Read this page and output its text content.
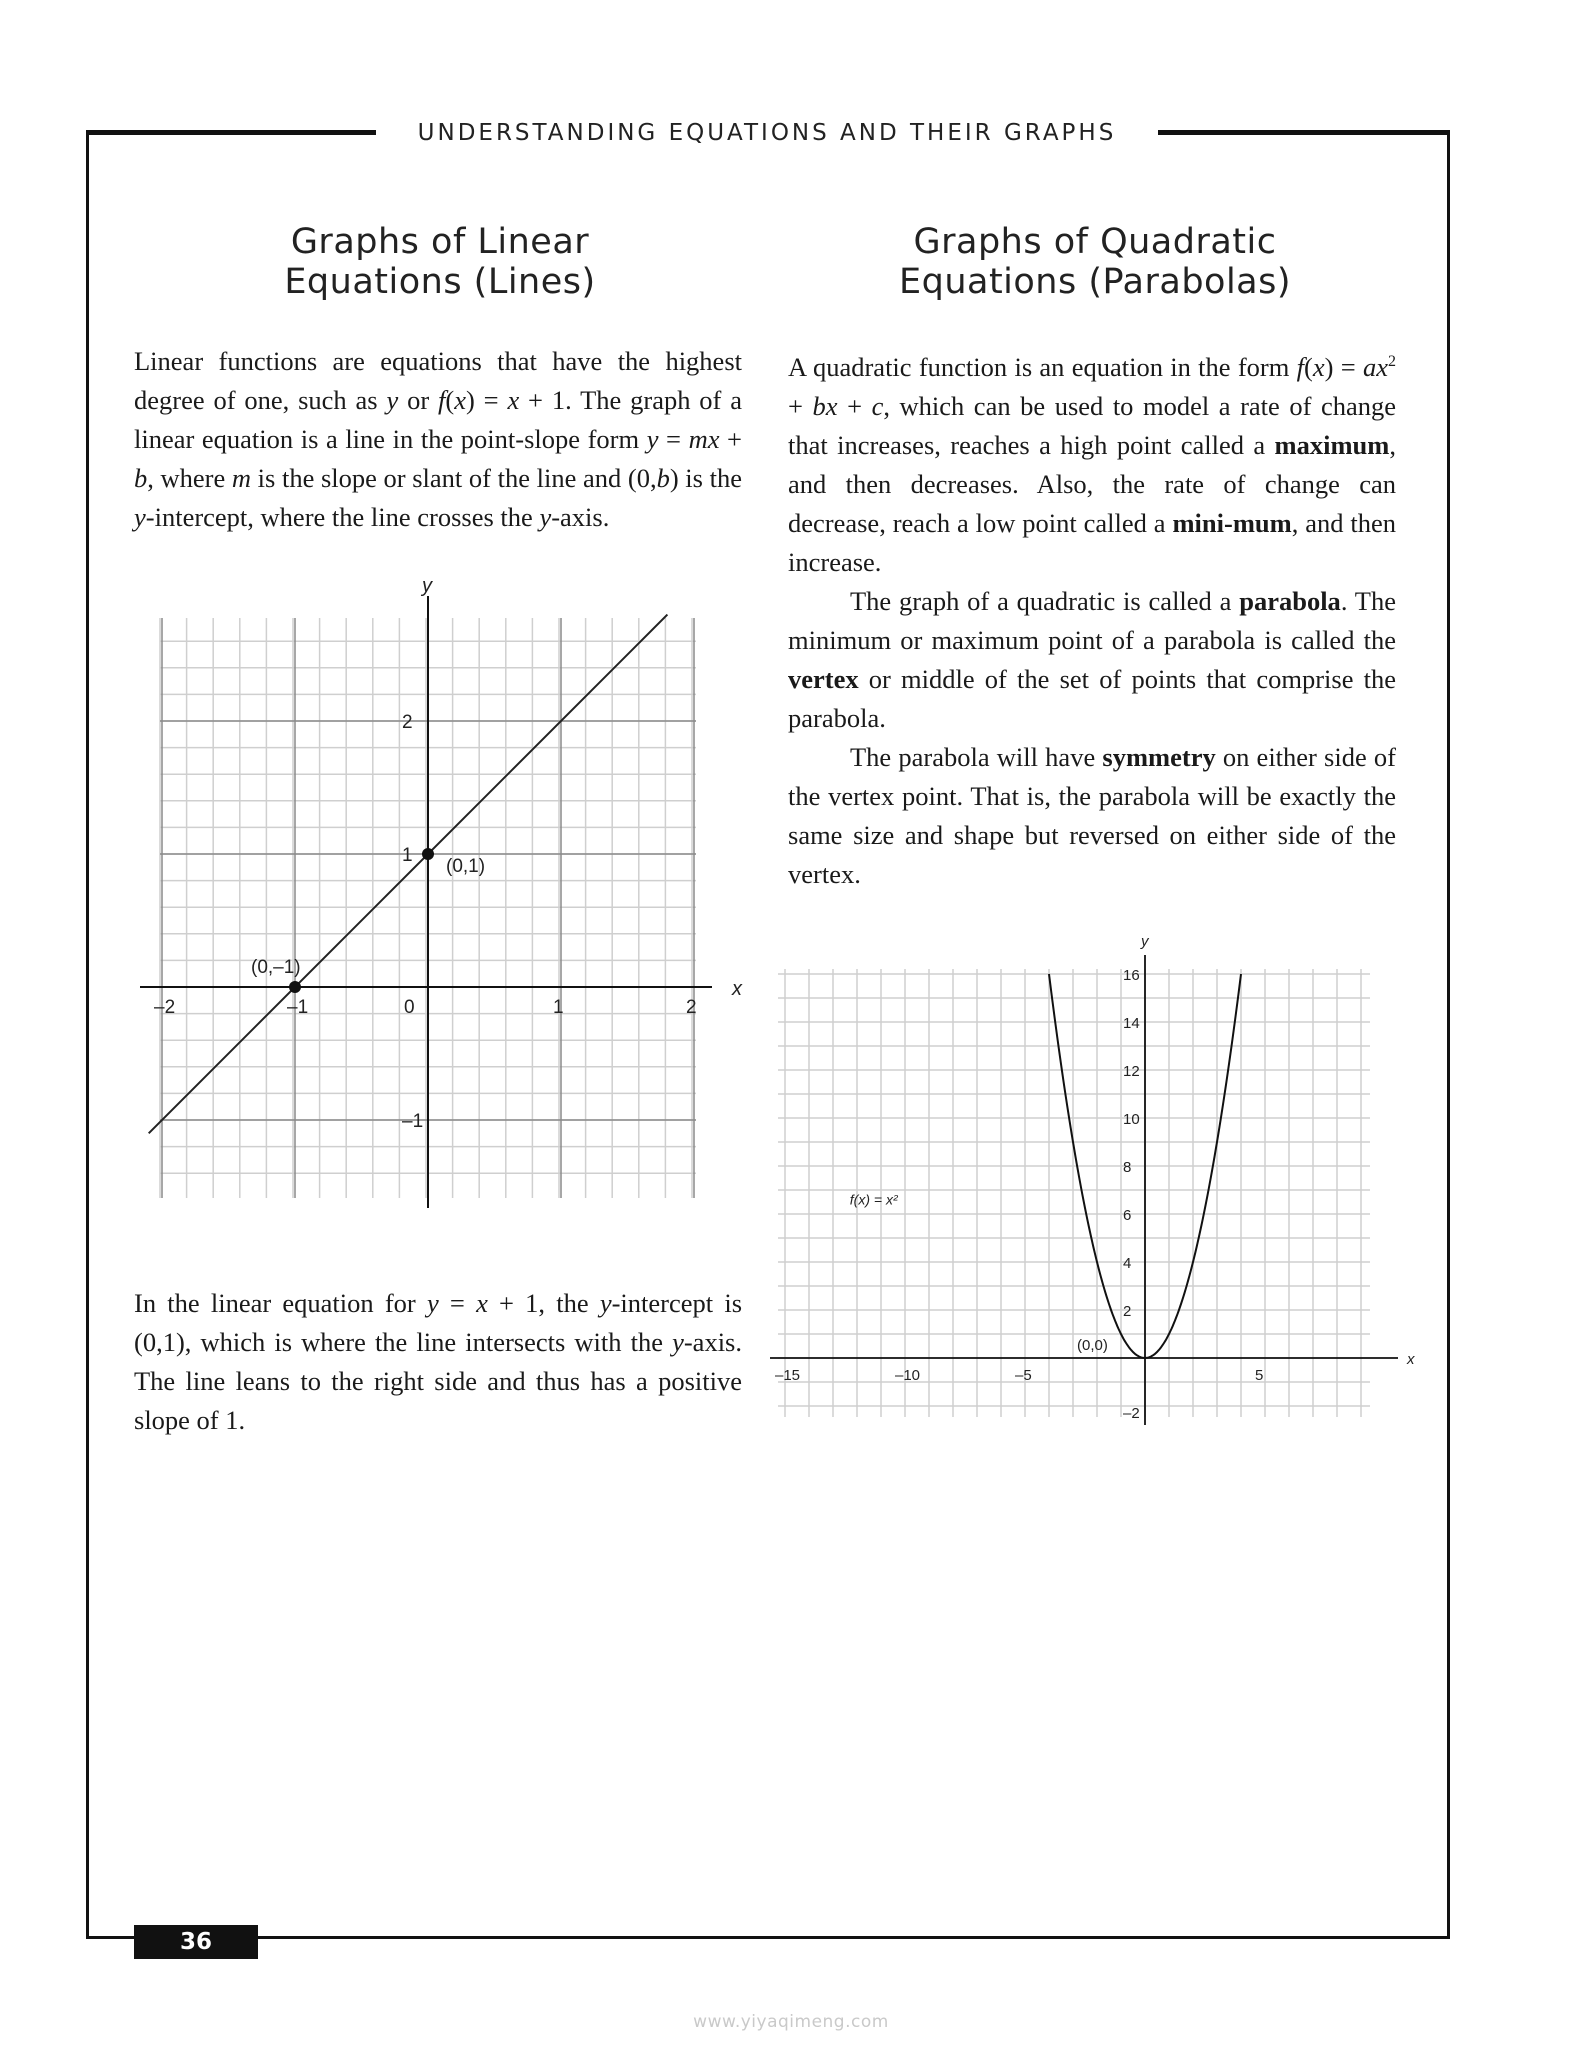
UNDERSTANDING EQUATIONS AND THEIR GRAPHS
Graphs of Linear
Equations (Lines)
Graphs of Quadratic
Equations (Parabolas)

Linear functions are equations that have the highest degree of one, such as y or f(x) = x + 1. The graph of a linear equation is a line in the point-slope form y = mx + b, where m is the slope or slant of the line and (0,b) is the y-intercept, where the line crosses the y-axis.

x
y
–2	–1	0	1	2
2
1
–1
(0,1)
(0,–1)

In the linear equation for y = x + 1, the y-intercept is (0,1), which is where the line intersects with the y-axis. The line leans to the right side and thus has a positive slope of 1.

A quadratic function is an equation in the form $f(x) = ax^2$ + bx + c, which can be used to model a rate of change that increases, reaches a high point called a maximum, and then decreases. Also, the rate of change can decrease, reach a low point called a mini-mum, and then increase.

The graph of a quadratic is called a parabola. The minimum or maximum point of a parabola is called the vertex or middle of the set of points that comprise the parabola.

The parabola will have symmetry on either side of the vertex point. That is, the parabola will be exactly the same size and shape but reversed on either side of the vertex.

x
y
–15	–10	–5	5
16
14
12
10
8
6
4
2
–2
(0,0)
f(x) = x²
36
www.yiyaqimeng.com
